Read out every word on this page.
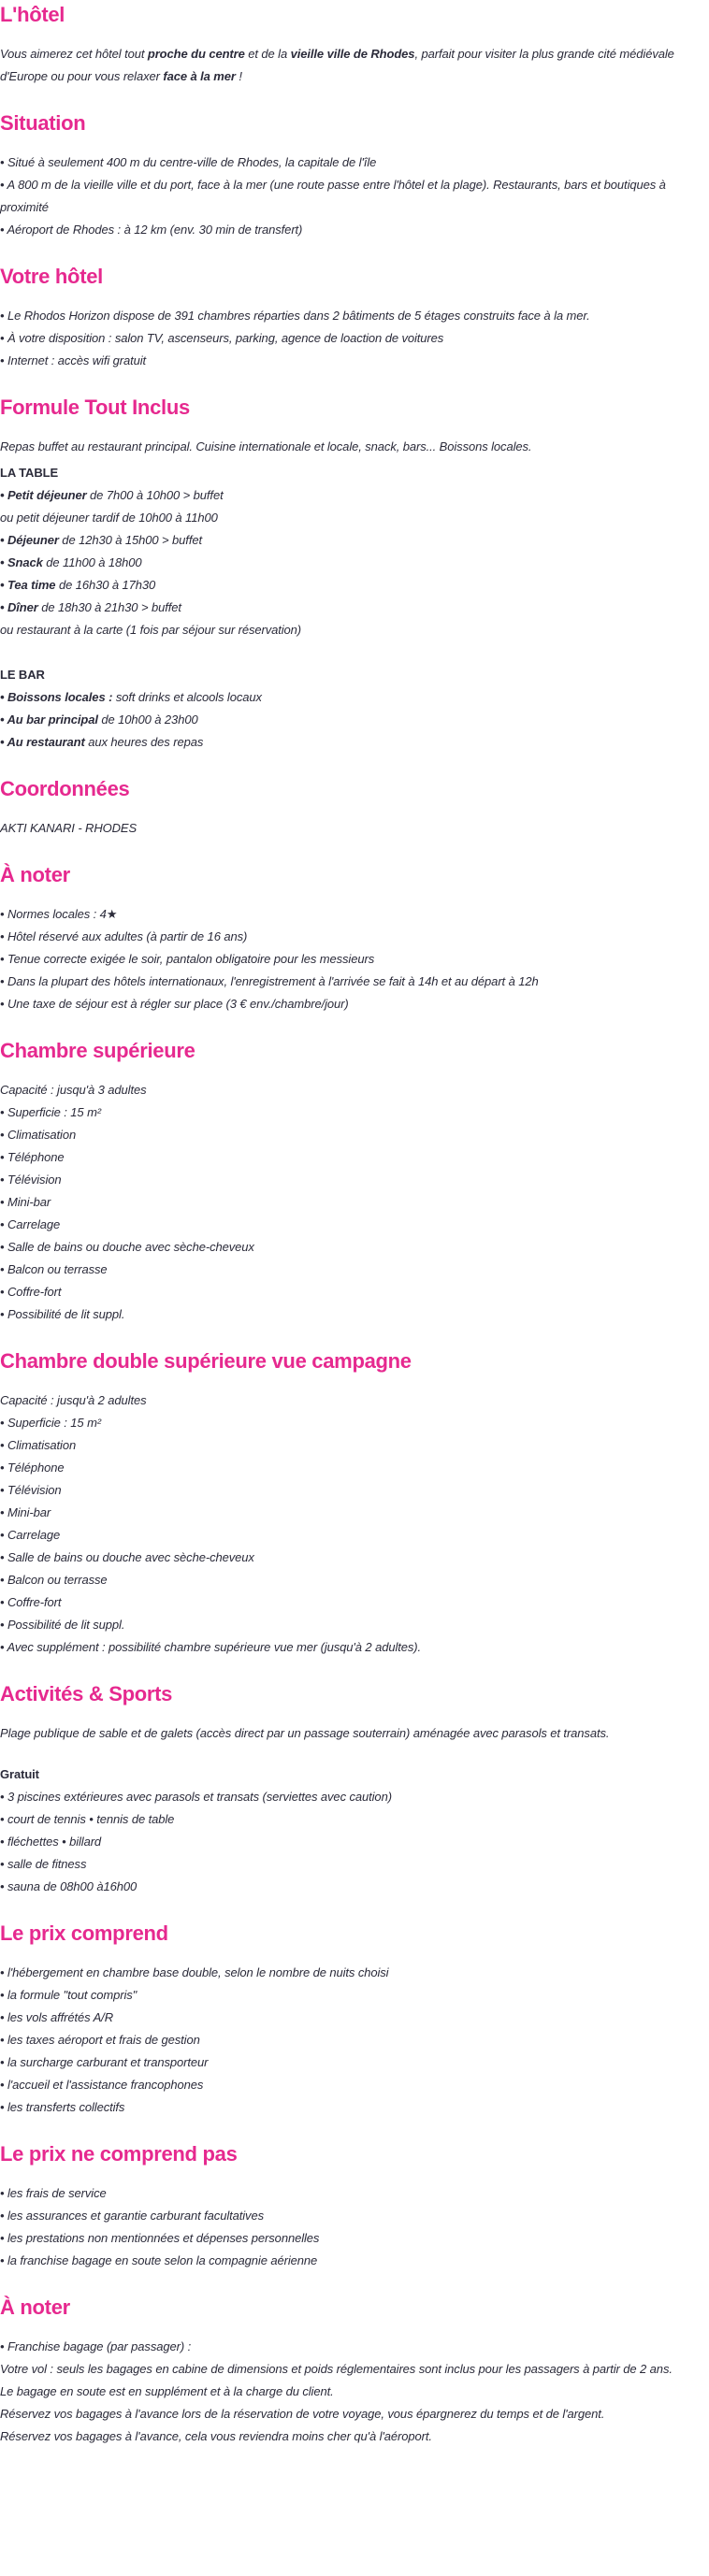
L'hôtel

Vous aimerez cet hôtel tout proche du centre et de la vieille ville de Rhodes, parfait pour visiter la plus grande cité médiévale d'Europe ou pour vous relaxer face à la mer !

Situation

• Situé à seulement 400 m du centre-ville de Rhodes, la capitale de l'île

• A 800 m de la vieille ville et du port, face à la mer (une route passe entre l'hôtel et la plage). Restaurants, bars et boutiques à proximité

• Aéroport de Rhodes : à 12 km (env. 30 min de transfert)

Votre hôtel

• Le Rhodos Horizon dispose de 391 chambres réparties dans 2 bâtiments de 5 étages construits face à la mer.

• À votre disposition : salon TV, ascenseurs, parking, agence de loaction de voitures

• Internet : accès wifi gratuit

Formule Tout Inclus

Repas buffet au restaurant principal. Cuisine internationale et locale, snack, bars... Boissons locales.

LA TABLE

• Petit déjeuner de 7h00 à 10h00 > buffet

ou petit déjeuner tardif de 10h00 à 11h00

• Déjeuner de 12h30 à 15h00 > buffet

• Snack de 11h00 à 18h00

• Tea time de 16h30 à 17h30

• Dîner de 18h30 à 21h30 > buffet

ou restaurant à la carte (1 fois par séjour sur réservation)

LE BAR

• Boissons locales : soft drinks et alcools locaux

• Au bar principal de 10h00 à 23h00

• Au restaurant aux heures des repas

Coordonnées

AKTI KANARI - RHODES

À noter

• Normes locales : 4★

• Hôtel réservé aux adultes (à partir de 16 ans)

• Tenue correcte exigée le soir, pantalon obligatoire pour les messieurs

• Dans la plupart des hôtels internationaux, l'enregistrement à l'arrivée se fait à 14h et au départ à 12h

• Une taxe de séjour est à régler sur place (3 € env./chambre/jour)

Chambre supérieure

Capacité : jusqu'à 3 adultes

• Superficie : 15 m²

• Climatisation

• Téléphone

• Télévision

• Mini-bar

• Carrelage

• Salle de bains ou douche avec sèche-cheveux

• Balcon ou terrasse

• Coffre-fort

• Possibilité de lit suppl.

Chambre double supérieure vue campagne

Capacité : jusqu'à 2 adultes

• Superficie : 15 m²

• Climatisation

• Téléphone

• Télévision

• Mini-bar

• Carrelage

• Salle de bains ou douche avec sèche-cheveux

• Balcon ou terrasse

• Coffre-fort

• Possibilité de lit suppl.

• Avec supplément : possibilité chambre supérieure vue mer (jusqu'à 2 adultes).

Activités & Sports

Plage publique de sable et de galets (accès direct par un passage souterrain) aménagée avec parasols et transats.

Gratuit

• 3 piscines extérieures avec parasols et transats (serviettes avec caution)

• court de tennis • tennis de table

• fléchettes • billard

• salle de fitness

• sauna de 08h00 à16h00

Le prix comprend

• l'hébergement en chambre base double, selon le nombre de nuits choisi

• la formule "tout compris"

• les vols affrétés A/R

• les taxes aéroport et frais de gestion

• la surcharge carburant et transporteur

• l'accueil et l'assistance francophones

• les transferts collectifs

Le prix ne comprend pas

• les frais de service

• les assurances et garantie carburant facultatives

• les prestations non mentionnées et dépenses personnelles

• la franchise bagage en soute selon la compagnie aérienne

À noter

• Franchise bagage (par passager) :

Votre vol : seuls les bagages en cabine de dimensions et poids réglementaires sont inclus pour les passagers à partir de 2 ans.

Le bagage en soute est en supplément et à la charge du client.

Réservez vos bagages à l'avance lors de la réservation de votre voyage, vous épargnerez du temps et de l'argent.

Réservez vos bagages à l'avance, cela vous reviendra moins cher qu'à l'aéroport.
